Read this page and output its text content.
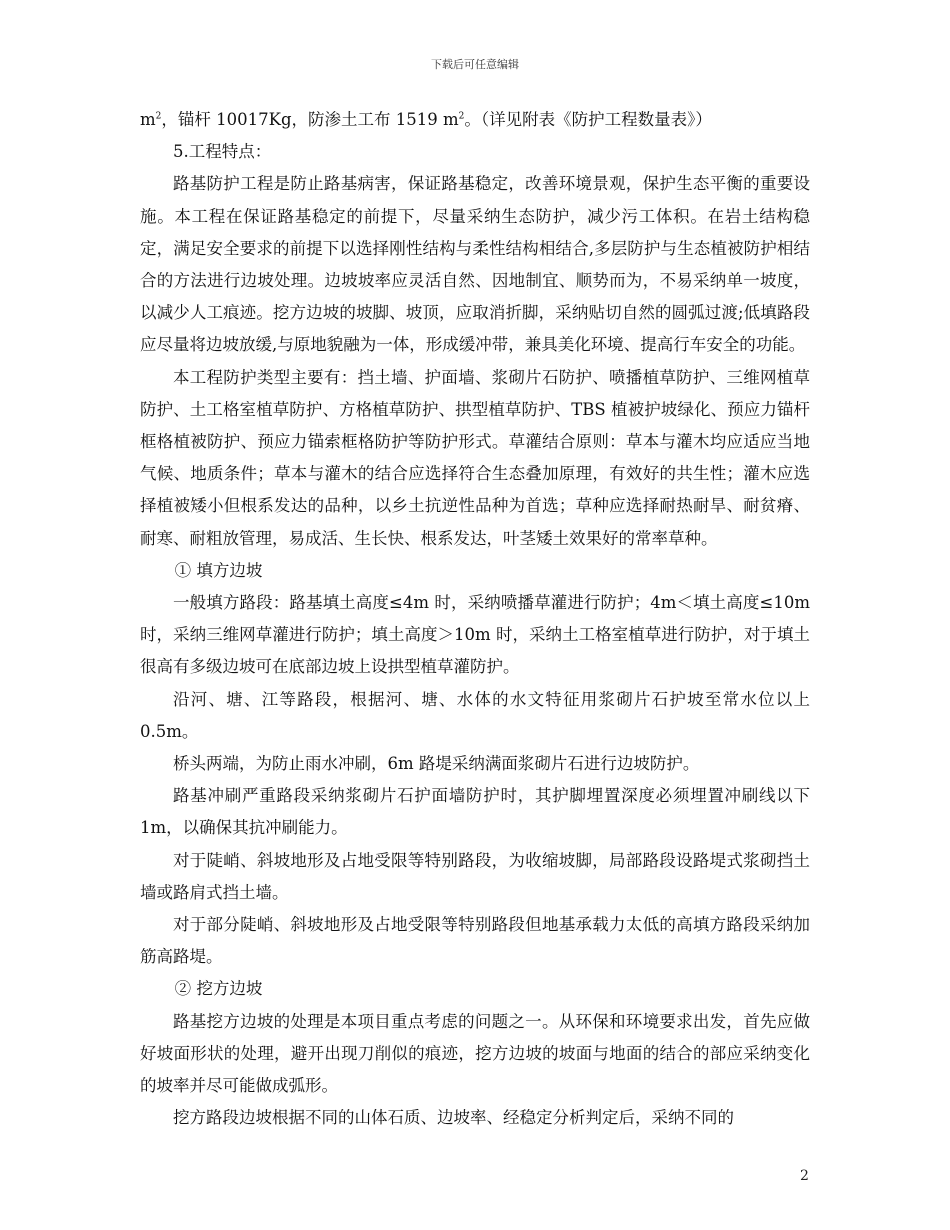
下载后可任意编辑

$m^2$，锚杆 10017Kg，防渗土工布 1519 $m^2$。（详见附表《防护工程数量表》）

5.工程特点：

路基防护工程是防止路基病害，保证路基稳定，改善环境景观，保护生态平衡的重要设施。本工程在保证路基稳定的前提下，尽量采纳生态防护，减少污工体积。在岩土结构稳定，满足安全要求的前提下以选择刚性结构与柔性结构相结合,多层防护与生态植被防护相结合的方法进行边坡处理。边坡坡率应灵活自然、因地制宜、顺势而为，不易采纳单一坡度，以减少人工痕迹。挖方边坡的坡脚、坡顶，应取消折脚，采纳贴切自然的圆弧过渡;低填路段应尽量将边坡放缓,与原地貌融为一体，形成缓冲带，兼具美化环境、提高行车安全的功能。

本工程防护类型主要有：挡土墙、护面墙、浆砌片石防护、喷播植草防护、三维网植草防护、土工格室植草防护、方格植草防护、拱型植草防护、TBS 植被护坡绿化、预应力锚杆框格植被防护、预应力锚索框格防护等防护形式。草灌结合原则：草本与灌木均应适应当地气候、地质条件；草本与灌木的结合应选择符合生态叠加原理，有效好的共生性；灌木应选择植被矮小但根系发达的品种，以乡土抗逆性品种为首选；草种应选择耐热耐旱、耐贫瘠、耐寒、耐粗放管理，易成活、生长快、根系发达，叶茎矮土效果好的常率草种。

① 填方边坡

一般填方路段：路基填土高度≤4m 时，采纳喷播草灌进行防护；4m＜填土高度≤10m 时，采纳三维网草灌进行防护；填土高度＞10m 时，采纳土工格室植草进行防护，对于填土很高有多级边坡可在底部边坡上设拱型植草灌防护。

沿河、塘、江等路段，根据河、塘、水体的水文特征用浆砌片石护坡至常水位以上 0.5m。

桥头两端，为防止雨水冲刷，6m 路堤采纳满面浆砌片石进行边坡防护。

路基冲刷严重路段采纳浆砌片石护面墙防护时，其护脚埋置深度必须埋置冲刷线以下 1m，以确保其抗冲刷能力。

对于陡峭、斜坡地形及占地受限等特别路段，为收缩坡脚，局部路段设路堤式浆砌挡土墙或路肩式挡土墙。

对于部分陡峭、斜坡地形及占地受限等特别路段但地基承载力太低的高填方路段采纳加筋高路堤。

② 挖方边坡

路基挖方边坡的处理是本项目重点考虑的问题之一。从环保和环境要求出发，首先应做好坡面形状的处理，避开出现刀削似的痕迹，挖方边坡的坡面与地面的结合的部应采纳变化的坡率并尽可能做成弧形。

挖方路段边坡根据不同的山体石质、边坡率、经稳定分析判定后，采纳不同的

2
